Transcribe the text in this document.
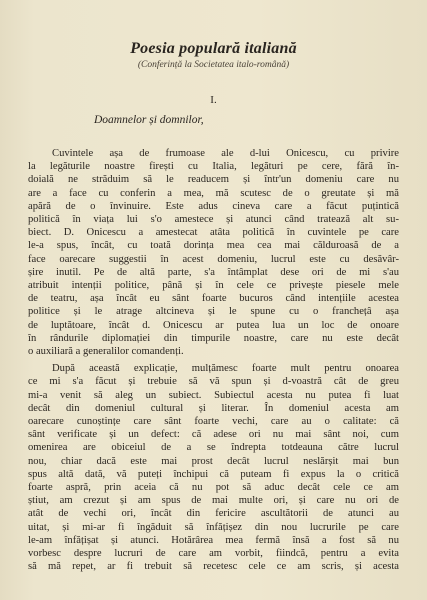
Poesia populară italiană

(Conferință la Societatea italo-română)

I.

Doamnelor și domnilor,

Cuvintele așa de frumoase ale d-lui Onicescu, cu privire
la legăturile noastre firești cu Italia, legături pe cere, fără în-
doială ne străduim să le readucem și într'un domeniu care nu
are a face cu conferin a mea, mă scutesc de o greutate și mă
apără de o învinuire. Este adus cineva care a făcut puțintică
politică în viața lui s'o amestece și atunci când tratează alt su-
biect. D. Onicescu a amestecat atâta politică în cuvintele pe care
le-a spus, încât, cu toată dorința mea cea mai călduroasă de a
face oarecare suggestii în acest domeniu, lucrul este cu desăvâr-
șire inutil. Pe de altă parte, s'a întâmplat dese ori de mi s'au
atribuit intenții politice, până și în cele ce privește piesele mele
de teatru, așa încât eu sânt foarte bucuros când intențiile acestea
politice și le atrage altcineva și le spune cu o franchețâ așa
de luptătoare, încât d. Onicescu ar putea lua un loc de onoare
în rândurile diplomației din timpurile noastre, care nu este decât
o auxiliară a generalilor comandenți.
După această explicație, mulțămesc foarte mult pentru onoarea
ce mi s'a făcut și trebuie să vă spun și d-voastră cât de greu
mi-a venit să aleg un subiect. Subiectul acesta nu putea fi luat
decât din domeniul cultural și literar. În domeniul acesta am
oarecare cunoștințe care sânt foarte vechi, care au o calitate: că
sânt verificate și un defect: că adese ori nu mai sânt noi, cum
omenirea are obiceiul de a se îndrepta totdeauna către lucrul
nou, chiar dacă este mai prost decât lucrul neslărșit mai bun
spus altă dată, vă puteți închipui că puteam fi expus la o critică
foarte aspră, prin aceia că nu pot să aduc decât cele ce am
știut, am crezut și am spus de mai multe ori, și care nu ori de
atât de vechi ori, încât din fericire ascultătorii de atunci au
uitat, și mi-ar fi îngăduit să înfățișez din nou lucrurile pe care
le-am înfățișat și atunci. Hotărârea mea fermă însă a fost să nu
vorbesc despre lucruri de care am vorbit, fiindcă, pentru a evita
să mă repet, ar fi trebuit să recetesc cele ce am scris, și acesta
